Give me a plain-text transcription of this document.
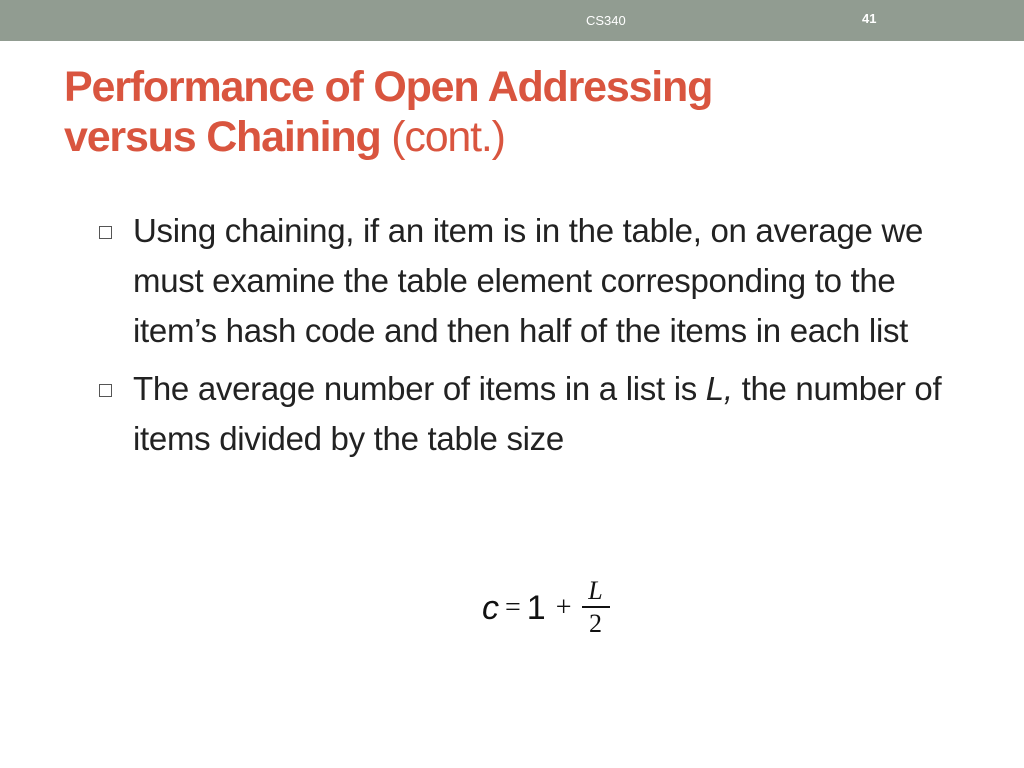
CS340	41
Performance of Open Addressing
versus Chaining (cont.)
Using chaining, if an item is in the table, on average we must examine the table element corresponding to the item’s hash code and then half of the items in each list
The average number of items in a list is L, the number of items divided by the table size
$c = 1 + \frac{L}{2}$
